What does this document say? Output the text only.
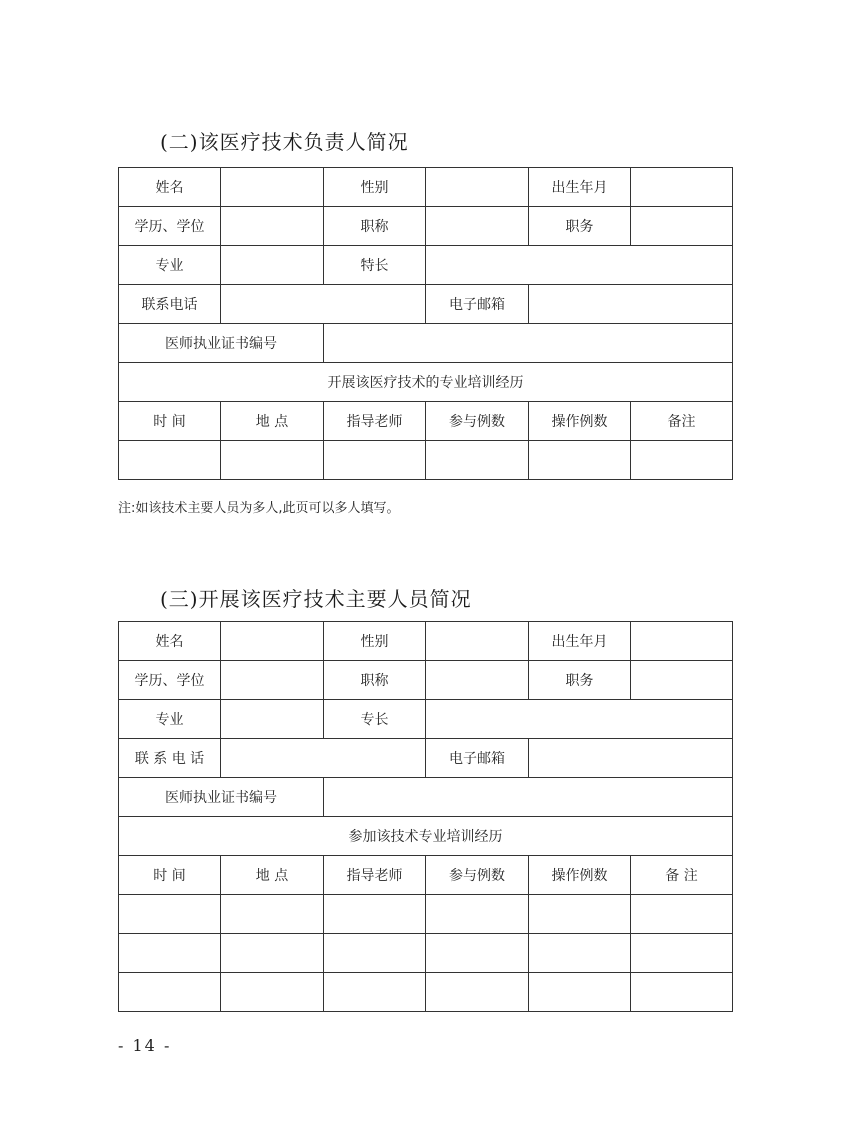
(二)该医疗技术负责人简况
姓名		性别		出生年月	
学历、学位		职称		职务	
专业		特长			
联系电话			电子邮箱		
医师执业证书编号					
开展该医疗技术的专业培训经历					
时 间	地 点	指导老师	参与例数	操作例数	备注

注:如该技术主要人员为多人,此页可以多人填写。
(三)开展该医疗技术主要人员简况
姓名		性别		出生年月	
学历、学位		职称		职务	
专业		专长			
联 系 电 话			电子邮箱		
医师执业证书编号					
参加该技术专业培训经历					
时 间	地 点	指导老师	参与例数	操作例数	备 注

- 14 -
